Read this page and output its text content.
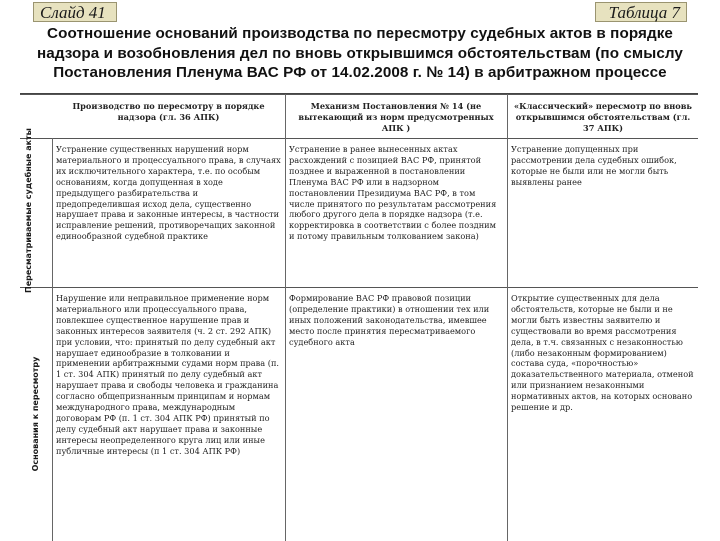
Слайд 41	Таблица 7
Соотношение оснований производства по пересмотру судебных актов в порядке надзора и возобновления дел по вновь открывшимся обстоятельствам (по смыслу Постановления Пленума ВАС РФ от 14.02.2008 г. № 14) в арбитражном процессе
Производство по пересмотру в порядке надзора (гл. 36 АПК)
Механизм Постановления № 14 (не вытекающий из норм предусмотренных АПК )
«Классический» пересмотр по вновь открывшимся обстоятельствам (гл. 37 АПК)
Пересматриваемые судебные акты	Устранение существенных нарушений норм материального и процессуального права, в случаях их исключительного характера, т.е. по особым основаниям, когда допущенная в ходе предыдущего разбирательства и предопределившая исход дела, существенно нарушает права и законные интересы, в частности исправление решений, противоречащих законной единообразной судебной практике
Устранение в ранее вынесенных актах расхождений с позицией ВАС РФ, принятой позднее и выраженной в постановлении Пленума ВАС РФ или в надзорном постановлении Президиума ВАС РФ, в том числе принятого по результатам рассмотрения любого другого дела в порядке надзора (т.е. корректировка в соответствии с более поздним и потому правильным толкованием закона)
Устранение допущенных при рассмотрении дела судебных ошибок, которые не были или не могли быть выявлены ранее
Основания к пересмотру
Нарушение или неправильное применение норм материального или процессуального права, повлекшее существенное нарушение прав и законных интересов заявителя (ч. 2 ст. 292 АПК) при условии, что: принятый по делу судебный акт нарушает единообразие в толковании и применении арбитражными судами норм права (п. 1 ст. 304 АПК) принятый по делу судебный акт нарушает права и свободы человека и гражданина согласно общепризнанным принципам и нормам международного права, международным договорам РФ (п. 1 ст. 304 АПК РФ) принятый по делу судебный акт нарушает права и законные интересы неопределенного круга лиц или иные публичные интересы (п 1 ст. 304 АПК РФ)
Формирование ВАС РФ правовой позиции (определение практики) в отношении тех или иных положений законодательства, имевшее место после принятия пересматриваемого судебного акта
Открытие существенных для дела обстоятельств, которые не были и не могли быть известны заявителю и существовали во время рассмотрения дела, в т.ч. связанных с незаконностью (либо незаконным формированием) состава суда, «порочностью» доказательственного материала, отменой или признанием незаконными нормативных актов, на которых основано решение и др.
